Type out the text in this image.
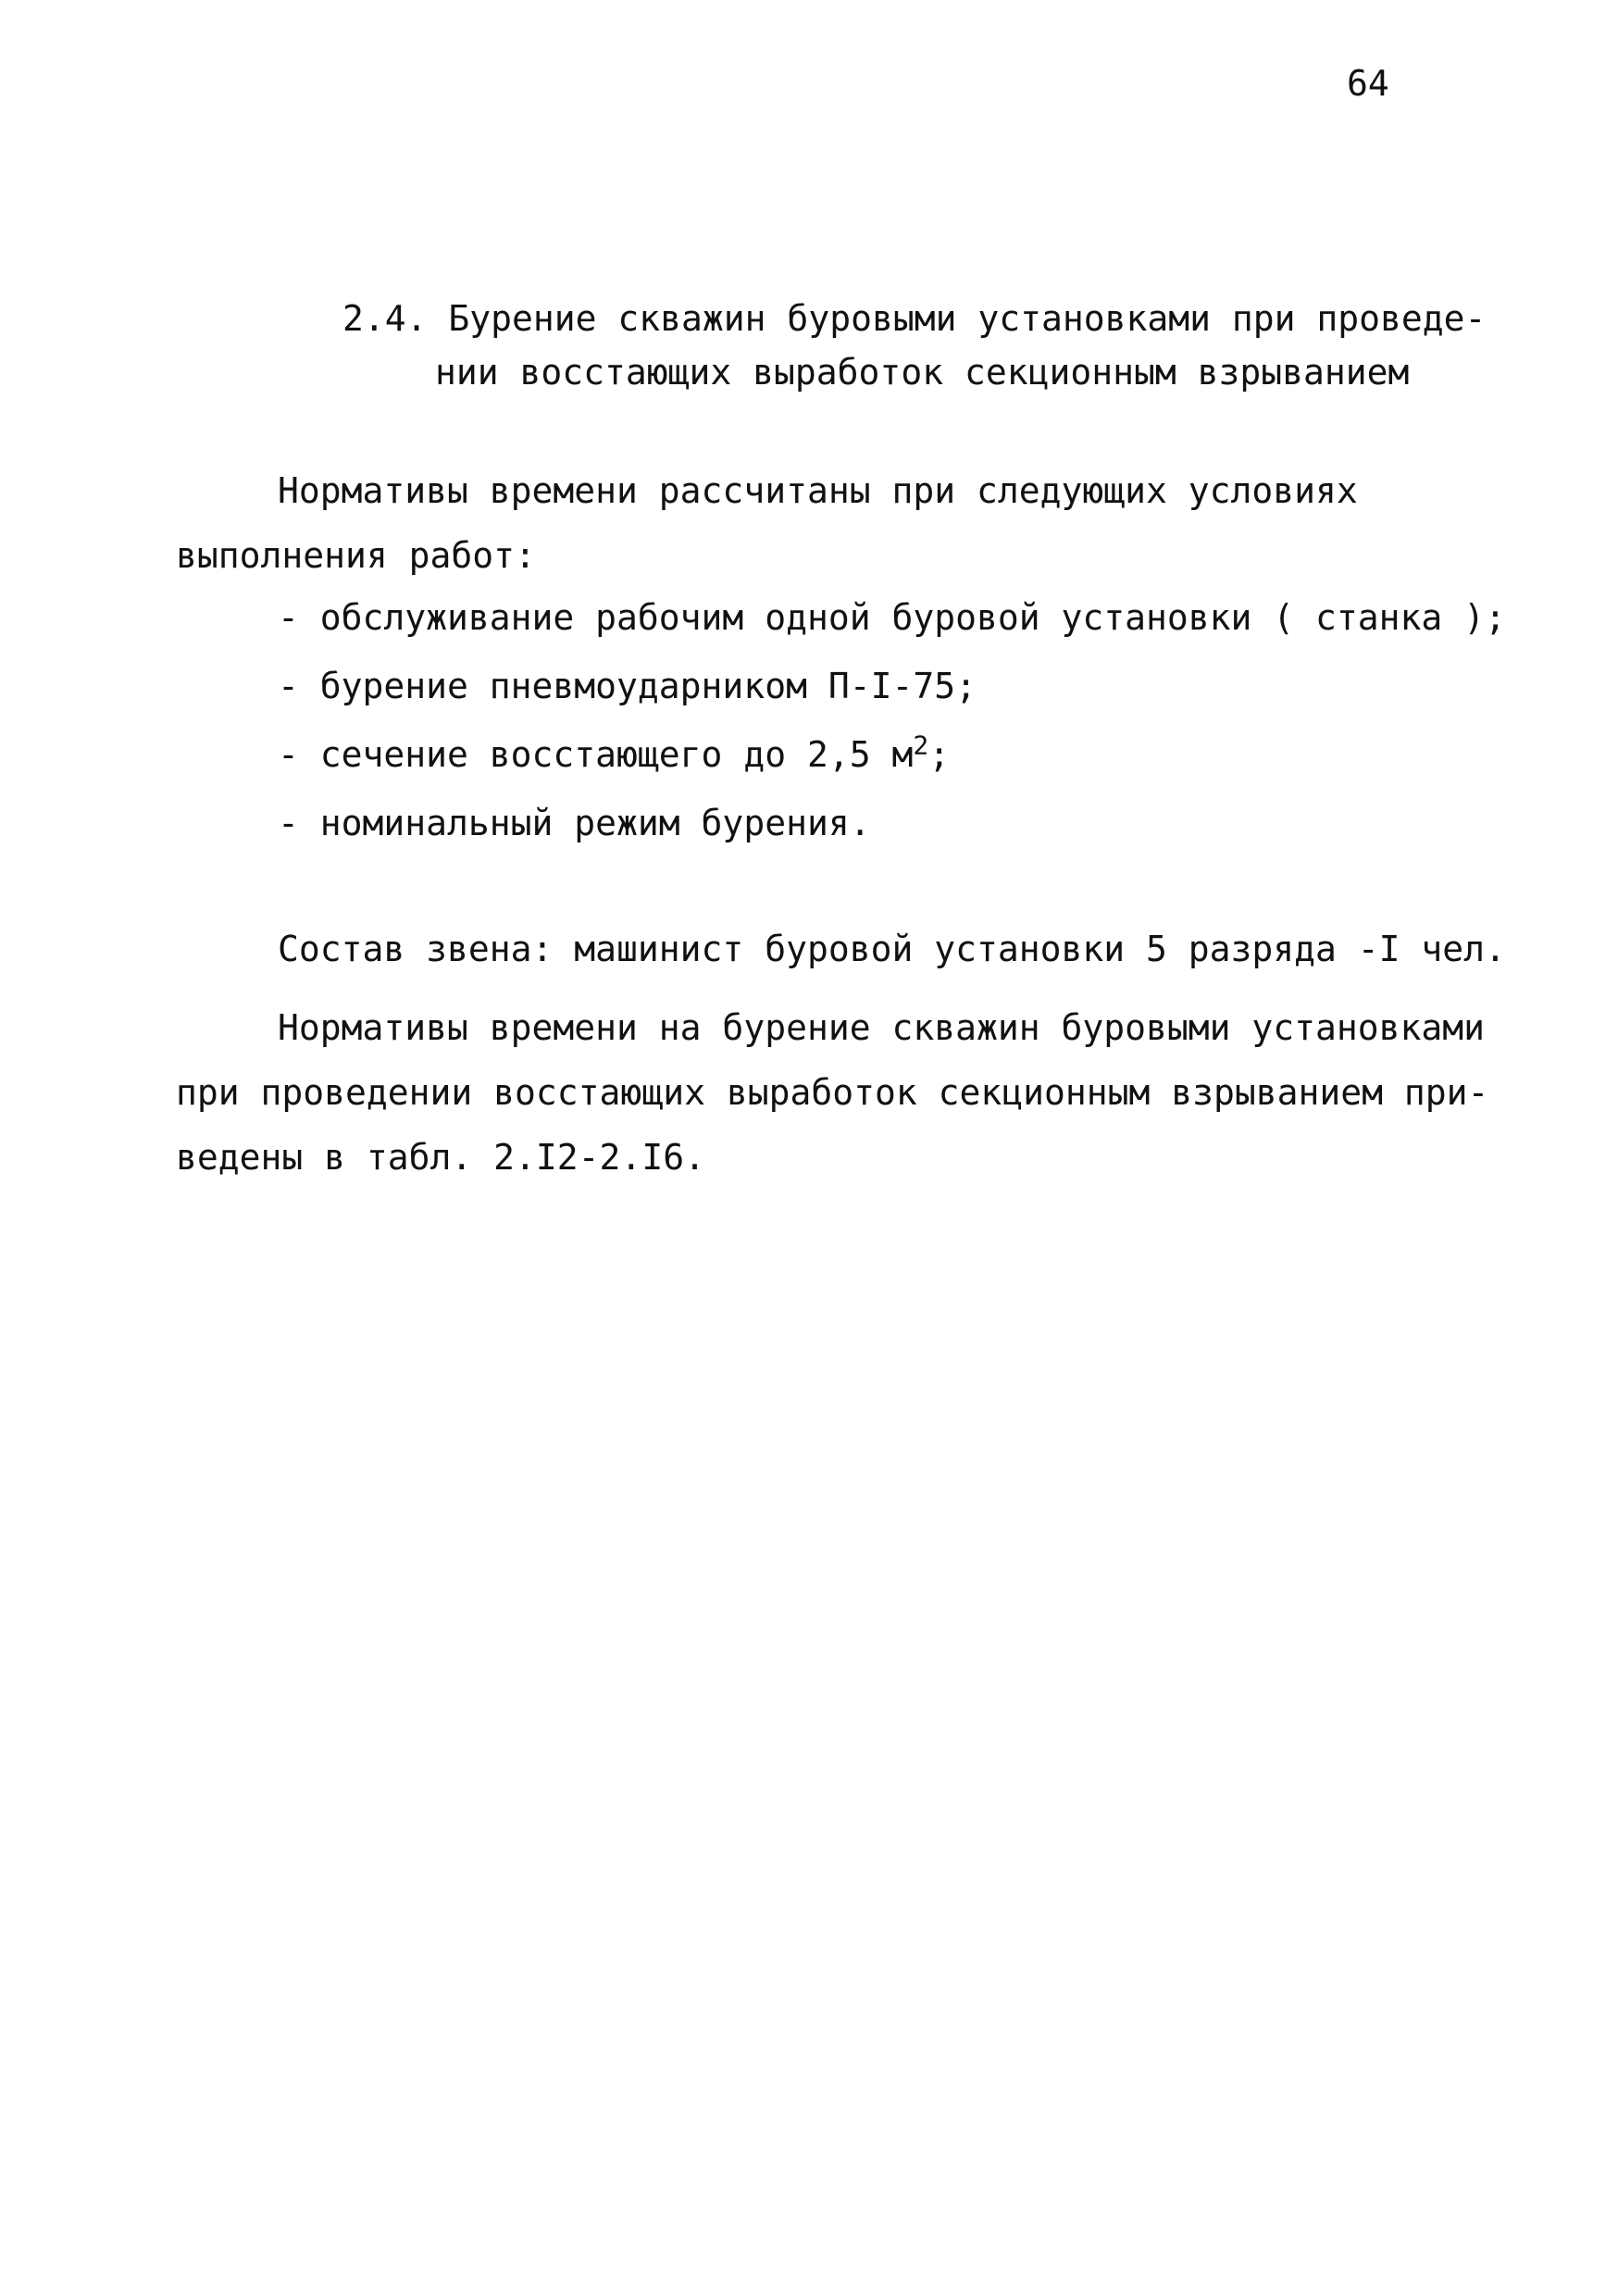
64
2.4. Бурение скважин буровыми установками при проведе-
нии восстающих выработок секционным взрыванием
Нормативы времени рассчитаны при следующих условиях
выполнения работ:
- обслуживание рабочим одной буровой установки ( станка );
- бурение пневмоударником П-I-75;
- сечение восстающего до 2,5 $м^2$;
- номинальный режим бурения.
Состав звена: машинист буровой установки 5 разряда -I чел.
Нормативы времени на бурение скважин буровыми установками
при проведении восстающих выработок секционным взрыванием при-
ведены в табл. 2.I2-2.I6.
